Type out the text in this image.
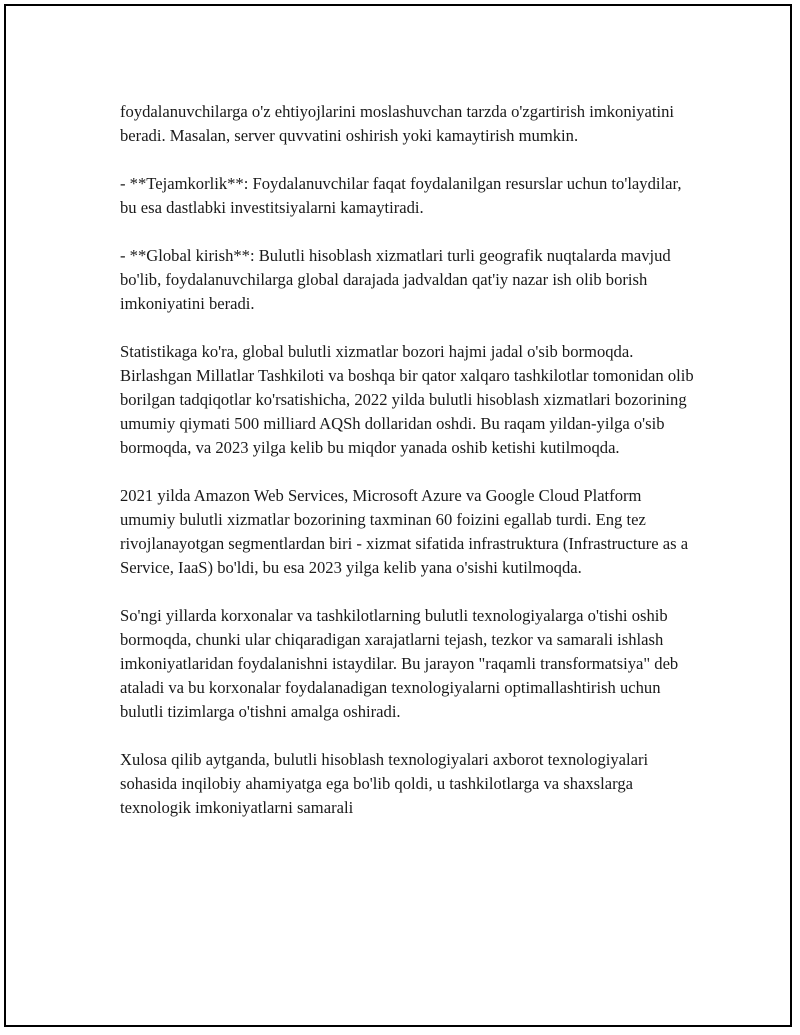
foydalanuvchilarga o'z ehtiyojlarini moslashuvchan tarzda o'zgartirish imkoniyatini beradi. Masalan, server quvvatini oshirish yoki kamaytirish mumkin.

- **Tejamkorlik**: Foydalanuvchilar faqat foydalanilgan resurslar uchun to'laydilar, bu esa dastlabki investitsiyalarni kamaytiradi.

- **Global kirish**: Bulutli hisoblash xizmatlari turli geografik nuqtalarda mavjud bo'lib, foydalanuvchilarga global darajada jadvaldan qat'iy nazar ish olib borish imkoniyatini beradi.

Statistikaga ko'ra, global bulutli xizmatlar bozori hajmi jadal o'sib bormoqda. Birlashgan Millatlar Tashkiloti va boshqa bir qator xalqaro tashkilotlar tomonidan olib borilgan tadqiqotlar ko'rsatishicha, 2022 yilda bulutli hisoblash xizmatlari bozorining umumiy qiymati 500 milliard AQSh dollaridan oshdi. Bu raqam yildan-yilga o'sib bormoqda, va 2023 yilga kelib bu miqdor yanada oshib ketishi kutilmoqda.

2021 yilda Amazon Web Services, Microsoft Azure va Google Cloud Platform umumiy bulutli xizmatlar bozorining taxminan 60 foizini egallab turdi. Eng tez rivojlanayotgan segmentlardan biri - xizmat sifatida infrastruktura (Infrastructure as a Service, IaaS) bo'ldi, bu esa 2023 yilga kelib yana o'sishi kutilmoqda.

So'ngi yillarda korxonalar va tashkilotlarning bulutli texnologiyalarga o'tishi oshib bormoqda, chunki ular chiqaradigan xarajatlarni tejash, tezkor va samarali ishlash imkoniyatlaridan foydalanishni istaydilar. Bu jarayon "raqamli transformatsiya" deb ataladi va bu korxonalar foydalanadigan texnologiyalarni optimallashtirish uchun bulutli tizimlarga o'tishni amalga oshiradi.

Xulosa qilib aytganda, bulutli hisoblash texnologiyalari axborot texnologiyalari sohasida inqilobiy ahamiyatga ega bo'lib qoldi, u tashkilotlarga va shaxslarga texnologik imkoniyatlarni samarali
